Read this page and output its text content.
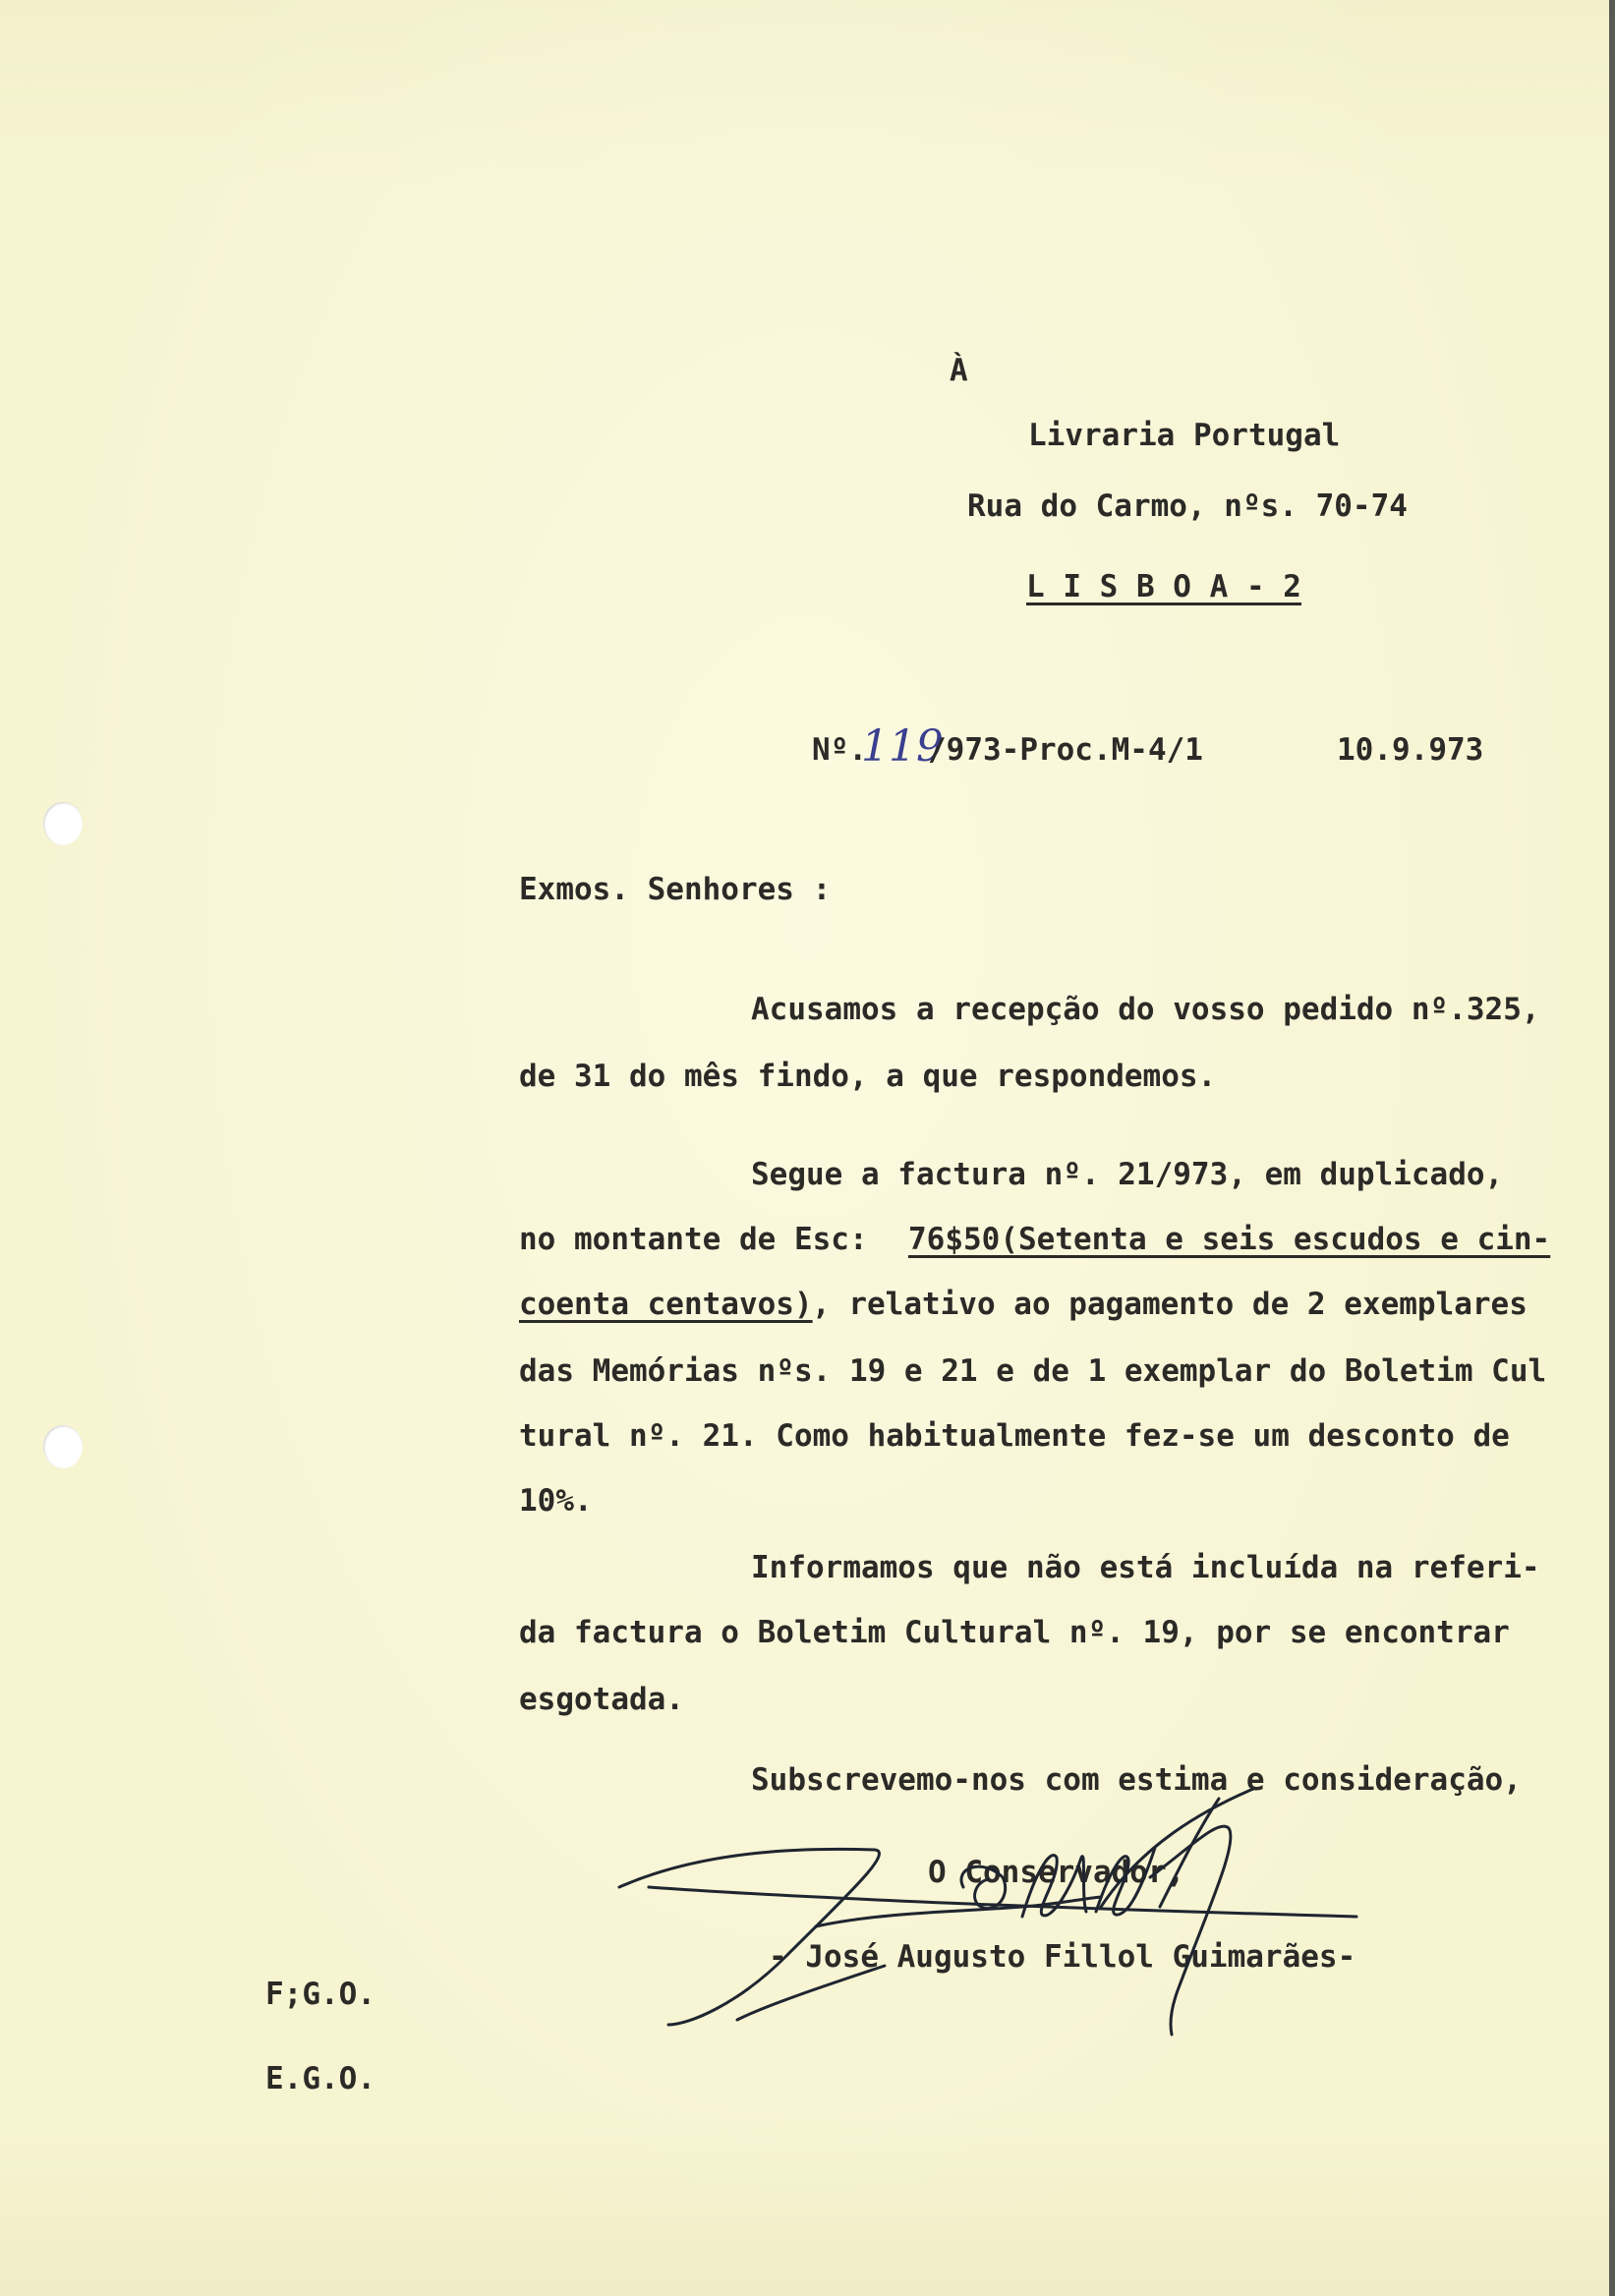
À
Livraria Portugal
Rua do Carmo, nºs. 70-74
L I S B O A - 2
Nº.
119
/973-Proc.M-4/1	10.9.973
Exmos. Senhores :
Acusamos a recepção do vosso pedido nº.325,
de 31 do mês findo, a que respondemos.
Segue a factura nº. 21/973, em duplicado,
no montante de Esc: 76$50(Setenta e seis escudos e cin-
coenta centavos) , relativo ao pagamento de 2 exemplares
das Memórias nºs. 19 e 21 e de 1 exemplar do Boletim Cul
tural nº. 21. Como habitualmente fez-se um desconto de
10%.
Informamos que não está incluída na referi-
da factura o Boletim Cultural nº. 19, por se encontrar
esgotada.
Subscrevemo-nos com estima e consideração,
O Conservador,
- José Augusto Fillol Guimarães-
F;G.O.
E.G.O.
